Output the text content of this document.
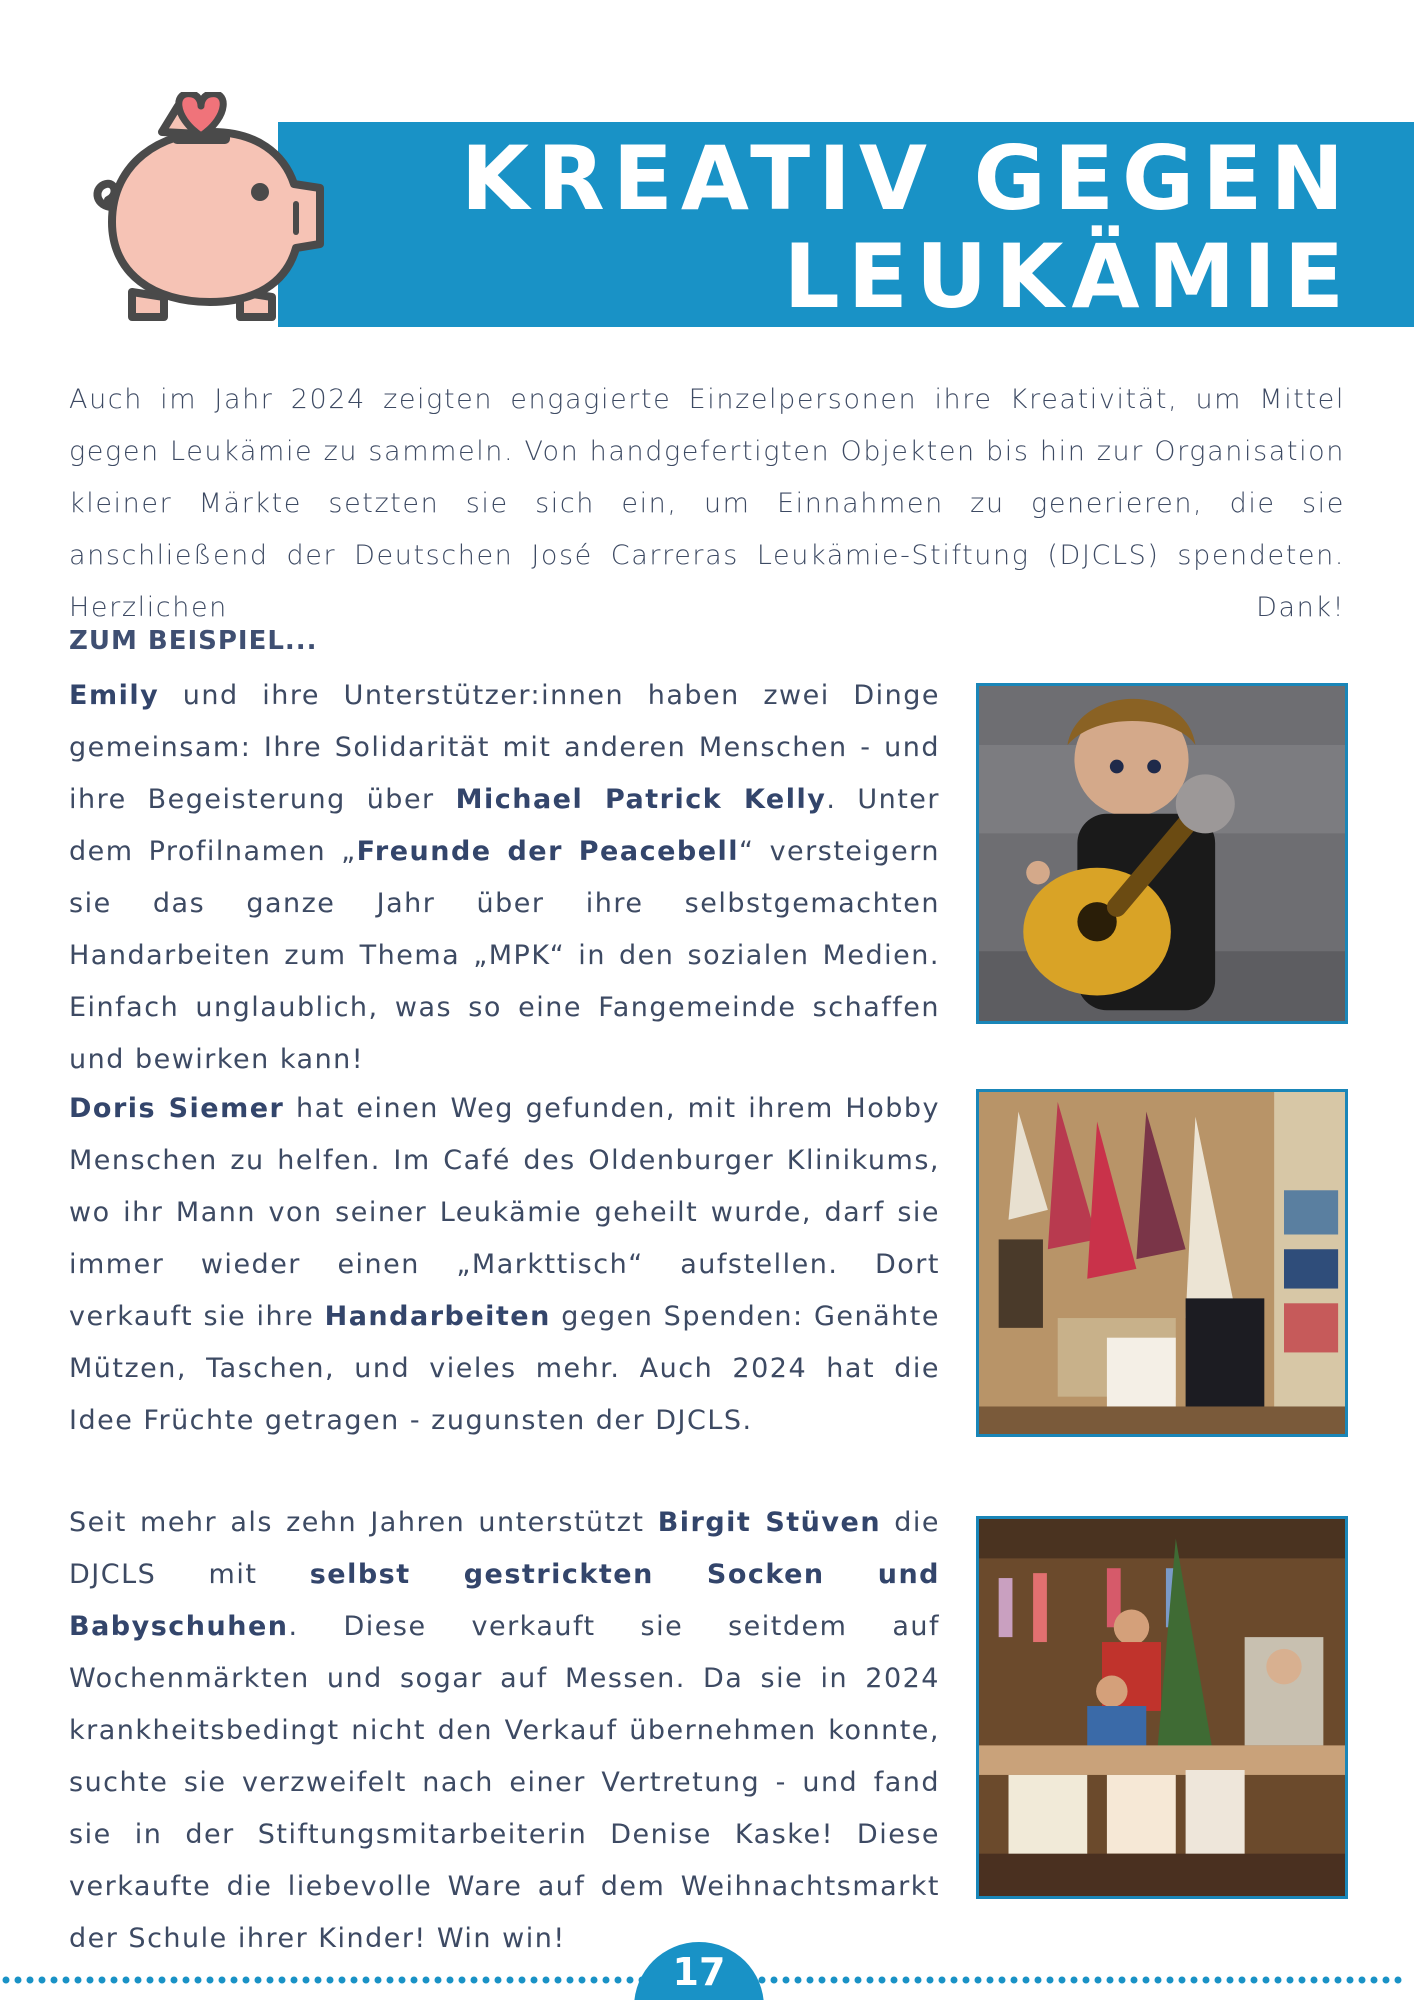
KREATIV GEGEN
LEUKÄMIE

Auch im Jahr 2024 zeigten engagierte Einzelpersonen ihre Kreativität, um Mittel gegen Leukämie zu sammeln. Von handgefertigten Objekten bis hin zur Organisation kleiner Märkte setzten sie sich ein, um Einnahmen zu generieren, die sie anschließend der Deutschen José Carreras Leukämie-Stiftung (DJCLS) spendeten. Herzlichen Dank!

ZUM BEISPIEL...

Emily und ihre Unterstützer:innen haben zwei Dinge gemeinsam: Ihre Solidarität mit anderen Menschen - und ihre Begeisterung über Michael Patrick Kelly. Unter dem Profilnamen „Freunde der Peacebell“ versteigern sie das ganze Jahr über ihre selbstgemachten Handarbeiten zum Thema „MPK“ in den sozialen Medien. Einfach unglaublich, was so eine Fangemeinde schaffen und bewirken kann!

Doris Siemer hat einen Weg gefunden, mit ihrem Hobby Menschen zu helfen. Im Café des Oldenburger Klinikums, wo ihr Mann von seiner Leukämie geheilt wurde, darf sie immer wieder einen „Markttisch“ aufstellen. Dort verkauft sie ihre Handarbeiten gegen Spenden: Genähte Mützen, Taschen, und vieles mehr. Auch 2024 hat die Idee Früchte getragen - zugunsten der DJCLS.

Seit mehr als zehn Jahren unterstützt Birgit Stüven die DJCLS mit selbst gestrickten Socken und Babyschuhen. Diese verkauft sie seitdem auf Wochenmärkten und sogar auf Messen. Da sie in 2024 krankheitsbedingt nicht den Verkauf übernehmen konnte, suchte sie verzweifelt nach einer Vertretung - und fand sie in der Stiftungsmitarbeiterin Denise Kaske! Diese verkaufte die liebevolle Ware auf dem Weihnachtsmarkt der Schule ihrer Kinder! Win win!

17
